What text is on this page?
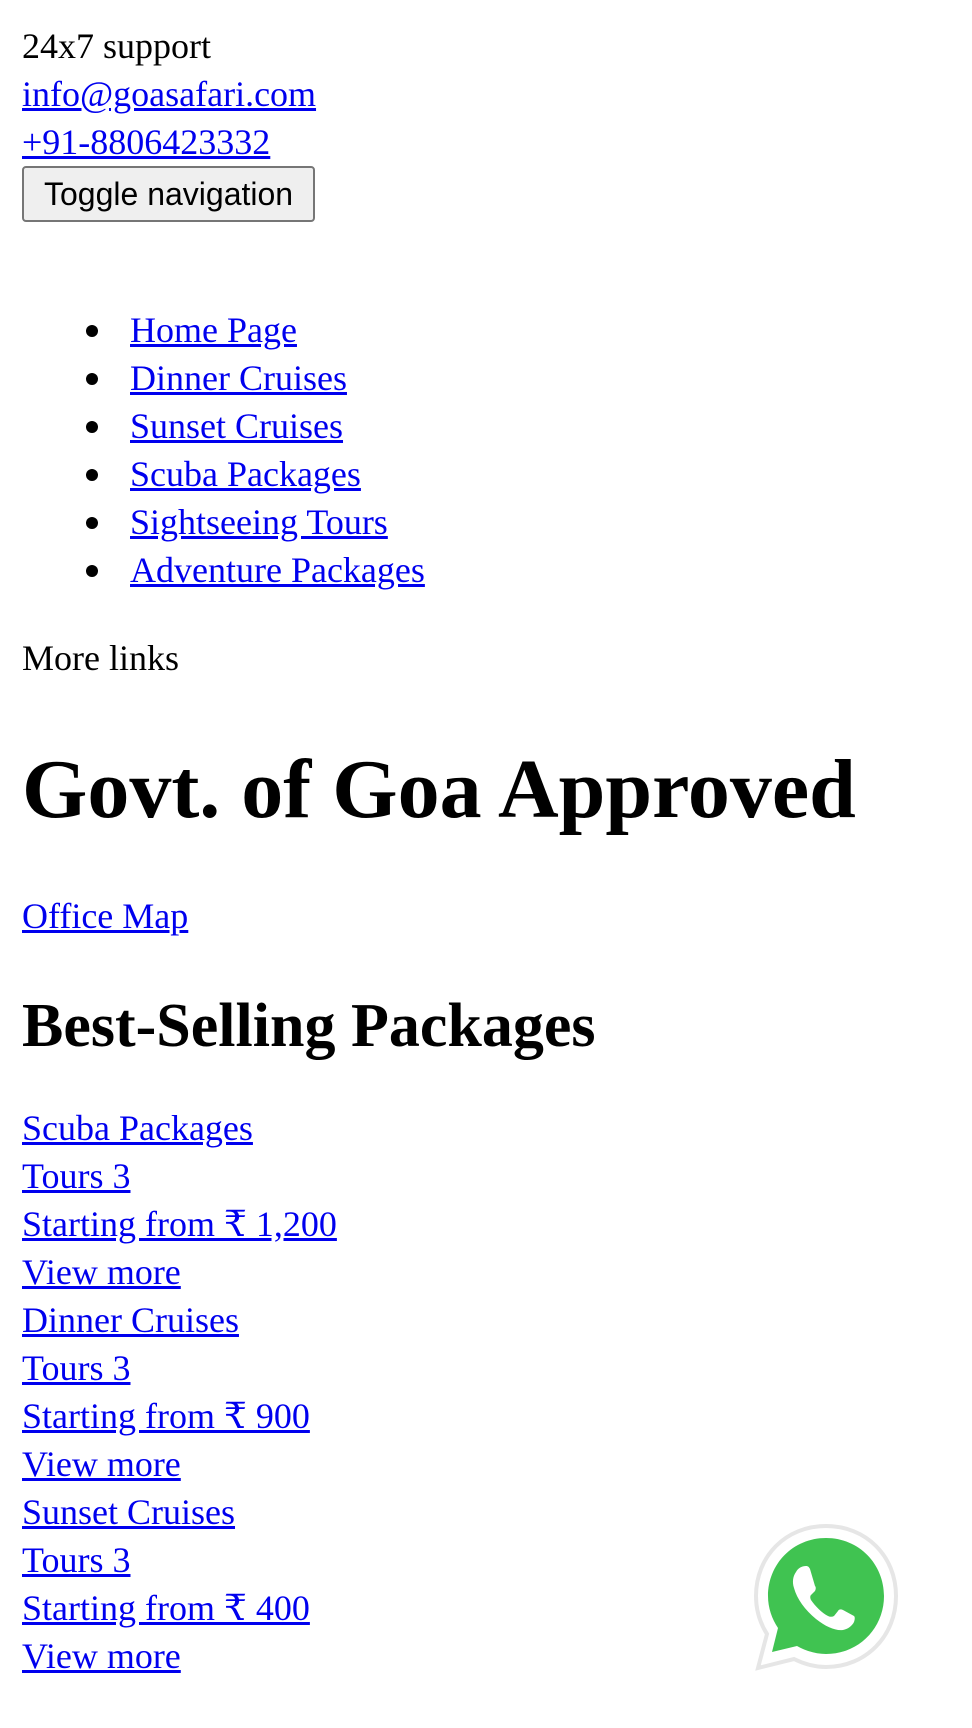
24x7 support
info@goasafari.com
+91-8806423332
Toggle navigation
Home Page
Dinner Cruises
Sunset Cruises
Scuba Packages
Sightseeing Tours
Adventure Packages
More links
Govt. of Goa Approved
Office Map
Best-Selling Packages
Scuba Packages
Tours 3
Starting from ₹ 1,200
View more
Dinner Cruises
Tours 3
Starting from ₹ 900
View more
Sunset Cruises
Tours 3
Starting from ₹ 400
View more
